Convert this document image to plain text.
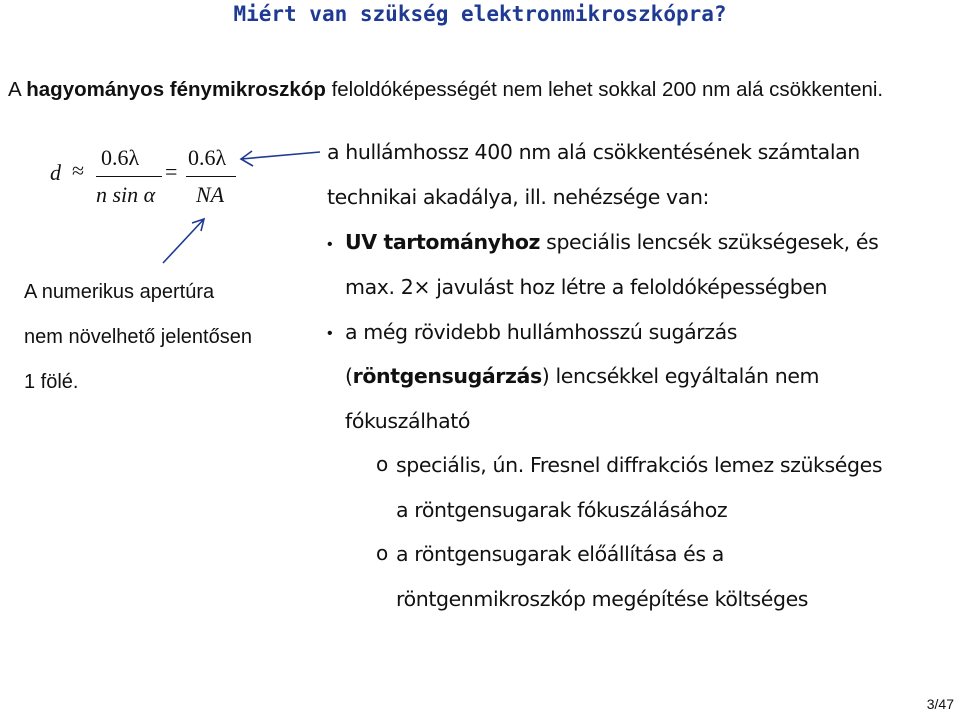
Miért van szükség elektronmikroszkópra?
A hagyományos fénymikroszkóp feloldóképességét nem lehet sokkal 200 nm alá csökkenteni.
d ≈
0.6λ
n sin α
=
0.6λ
NA
A numerikus apertúra
nem növelhető jelentősen
1 fölé.
a hullámhossz 400 nm alá csökkentésének számtalan
technikai akadálya, ill. nehézsége van:
• UV tartományhoz speciális lencsék szükségesek, és
max. 2× javulást hoz létre a feloldóképességben
• a még rövidebb hullámhosszú sugárzás
(röntgensugárzás) lencsékkel egyáltalán nem
fókuszálható
o speciális, ún. Fresnel diffrakciós lemez szükséges
a röntgensugarak fókuszálásához
o a röntgensugarak előállítása és a
röntgenmikroszkóp megépítése költséges
3/47
